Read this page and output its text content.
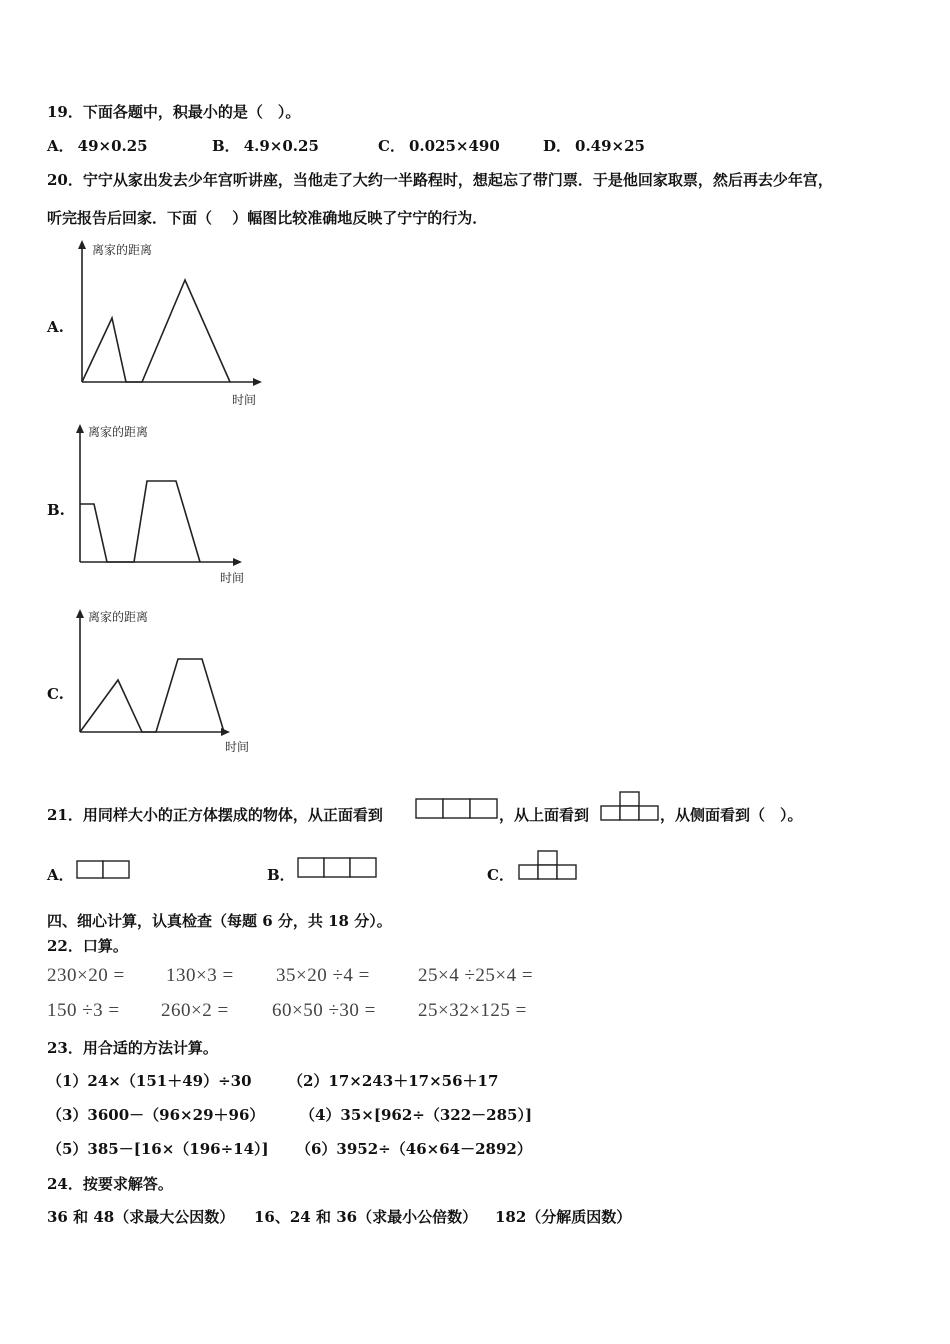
19．下面各题中，积最小的是（　）。
A． 49×0.25	B． 4.9×0.25	C． 0.025×490	D． 0.49×25
20．宁宁从家出发去少年宫听讲座，当他走了大约一半路程时，想起忘了带门票．于是他回家取票，然后再去少年宫，
听完报告后回家．下面（　 ）幅图比较准确地反映了宁宁的行为．
A.
离家的距离
时间
B.
离家的距离
时间
C.
离家的距离
时间
21．用同样大小的正方体摆成的物体，从正面看到	，从上面看到	，从侧面看到（　）。
A．	B．	C．
四、细心计算，认真检查（每题 6 分，共 18 分）。
22．口算。
230×20 = 130×3 = 35×20 ÷4 =	25×4 ÷25×4 =
150 ÷3 = 260×2 = 60×50 ÷30 = 25×32×125 =
23．用合适的方法计算。
（1）24×（151＋49）÷30 （2）17×243＋17×56＋17
（3）3600－（96×29＋96） （4）35×[962÷（322－285）]
（5）385－[16×（196÷14）] （6）3952÷（46×64－2892）
24．按要求解答。
36 和 48（求最大公因数） 16、24 和 36（求最小公倍数） 182（分解质因数）
